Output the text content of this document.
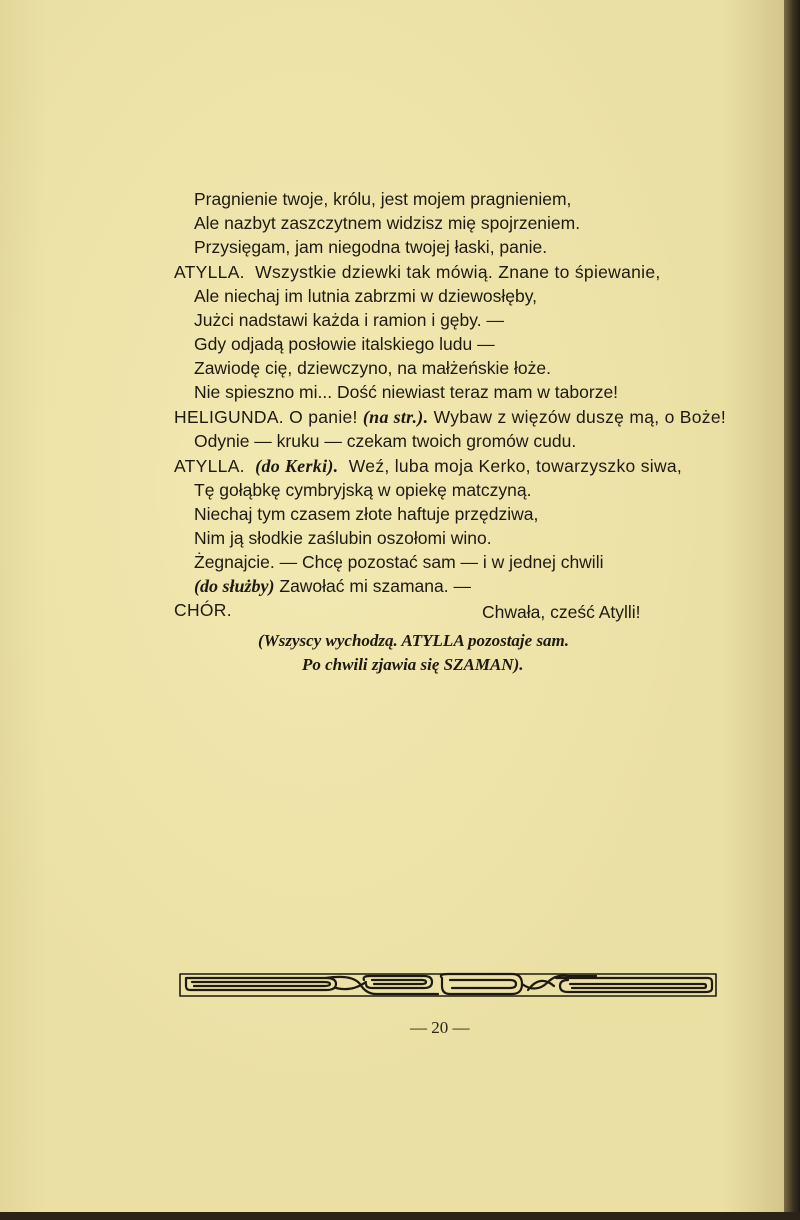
Pragnienie twoje, królu, jest mojem pragnieniem,
Ale nazbyt zaszczytnem widzisz mię spojrzeniem.
Przysięgam, jam niegodna twojej łaski, panie.
ATYLLA. Wszystkie dziewki tak mówią. Znane to śpiewanie,
Ale niechaj im lutnia zabrzmi w dziewosłęby,
Jużci nadstawi każda i ramion i gęby. —
Gdy odjadą posłowie italskiego ludu —
Zawiodę cię, dziewczyno, na małżeńskie łoże.
Nie spieszno mi... Dość niewiast teraz mam w taborze!
HELIGUNDA. O panie! (na str.). Wybaw z więzów duszę mą, o Boże!
Odynie — kruku — czekam twoich gromów cudu.
ATYLLA. (do Kerki). Weź, luba moja Kerko, towarzyszko siwa,
Tę gołąbkę cymbryjską w opiekę matczyną.
Niechaj tym czasem złote haftuje przędziwa,
Nim ją słodkie zaślubin oszołomi wino.
Żegnajcie. — Chcę pozostać sam — i w jednej chwili
(do służby) Zawołać mi szamana. —
CHÓR.	Chwała, cześć Atylli!
(Wszyscy wychodzą. ATYLLA pozostaje sam.
Po chwili zjawia się SZAMAN).
— 20 —
